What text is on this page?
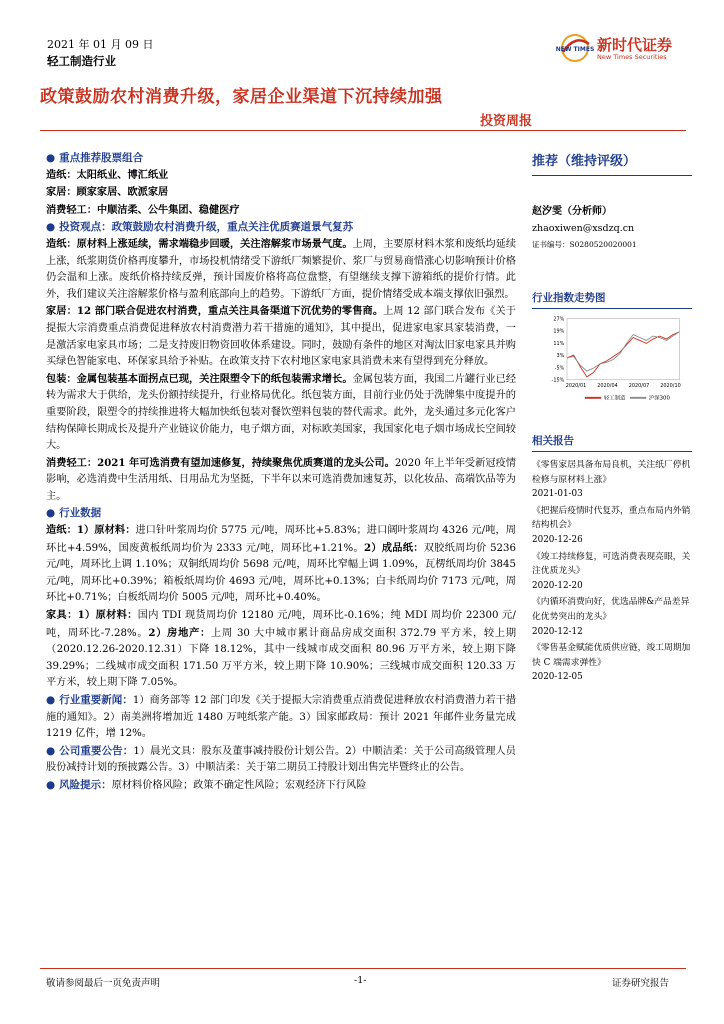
2021 年 01 月 09 日
轻工制造行业
NEW TIMES 新时代证券
New Times Securities
政策鼓励农村消费升级，家居企业渠道下沉持续加强
投资周报

● 重点推荐股票组合

造纸：太阳纸业、博汇纸业

家居：顾家家居、欧派家居

消费轻工：中顺洁柔、公牛集团、稳健医疗

● 投资观点：政策鼓励农村消费升级，重点关注优质赛道景气复苏

造纸：原材料上涨延续，需求端稳步回暖，关注溶解浆市场景气度。上周，主要原材料木浆和废纸均延续上涨，纸浆期货价格再度攀升，市场投机情绪受下游纸厂频繁提价、浆厂与贸易商惜涨心切影响预计价格仍会温和上涨。废纸价格持续反弹，预计国废价格将高位盘整，有望继续支撑下游箱纸的提价行情。此外，我们建议关注溶解浆价格与盈利底部向上的趋势。下游纸厂方面，提价情绪受成本端支撑依旧强烈。

家居：12 部门联合促进农村消费，重点关注具备渠道下沉优势的零售商。上周 12 部门联合发布《关于提振大宗消费重点消费促进释放农村消费潜力若干措施的通知》，其中提出，促进家电家具家装消费，一是激活家电家具市场；二是支持废旧物资回收体系建设。同时，鼓励有条件的地区对淘汰旧家电家具并购买绿色智能家电、环保家具给予补贴。在政策支持下农村地区家电家具消费未来有望得到充分释放。

包装：金属包装基本面拐点已现，关注限塑令下的纸包装需求增长。金属包装方面，我国二片罐行业已经转为需求大于供给，龙头份额持续提升，行业格局优化。纸包装方面，目前行业仍处于洗牌集中度提升的重要阶段，限塑令的持续推进将大幅加快纸包装对餐饮塑料包装的替代需求。此外，龙头通过多元化客户结构保障长期成长及提升产业链议价能力，电子烟方面，对标欧美国家，我国家化电子烟市场成长空间较大。

消费轻工：2021 年可选消费有望加速修复，持续聚焦优质赛道的龙头公司。2020 年上半年受新冠疫情影响，必选消费中生活用纸、日用品尤为坚挺，下半年以来可选消费加速复苏，以化妆品、高端饮品等为主。

● 行业数据

造纸：1）原材料：进口针叶浆周均价 5775 元/吨，周环比+5.83%；进口阔叶浆周均 4326 元/吨，周环比+4.59%，国废黄板纸周均价为 2333 元/吨，周环比+1.21%。2）成品纸：双胶纸周均价 5236 元/吨，周环比上调 1.10%；双铜纸周均价 5698 元/吨，周环比窄幅上调 1.09%，瓦楞纸周均价 3845 元/吨，周环比+0.39%；箱板纸周均价 4693 元/吨，周环比+0.13%；白卡纸周均价 7173 元/吨，周环比+0.71%；白板纸周均价 5005 元/吨，周环比+0.40%。

家具：1）原材料：国内 TDI 现货周均价 12180 元/吨，周环比-0.16%；纯 MDI 周均价 22300 元/吨，周环比-7.28%。2）房地产：上周 30 大中城市累计商品房成交面积 372.79 平方米，较上期（2020.12.26-2020.12.31）下降 18.12%，其中一线城市成交面积 80.96 万平方米，较上期下降 39.29%；二线城市成交面积 171.50 万平方米，较上期下降 10.90%；三线城市成交面积 120.33 万平方米，较上期下降 7.05%。

● 行业重要新闻：1）商务部等 12 部门印发《关于提振大宗消费重点消费促进释放农村消费潜力若干措施的通知》。2）南美洲将增加近 1480 万吨纸浆产能。3）国家邮政局：预计 2021 年邮件业务量完成 1219 亿件，增 12%。

● 公司重要公告：1）晨光文具：股东及董事减持股份计划公告。2）中顺洁柔：关于公司高级管理人员股份减持计划的预披露公告。3）中顺洁柔：关于第二期员工持股计划出售完毕暨终止的公告。

● 风险提示：原材料价格风险；政策不确定性风险；宏观经济下行风险

推荐（维持评级）
赵汐雯（分析师）
zhaoxiwen@xsdzq.cn
证书编号：S0280520020001
行业指数走势图
27%
19%
11%
3%
-5%
-15%
2020/01 2020/04 2020/07 2020/10
轻工制造	沪深300
相关报告
《零售家居具备布局良机，关注纸厂停机检修与原材料上涨》
2021-01-03
《把握后疫情时代复苏，重点布局内外销结构机会》
2020-12-26
《竣工持续修复，可选消费表现亮眼，关注优质龙头》
2020-12-20
《内循环消费向好，优选品牌&产品差异化优势突出的龙头》
2020-12-12
《零售基金赋能优质供应链，竣工周期加快 C 端需求弹性》
2020-12-05
敬请参阅最后一页免责声明	-1-	证券研究报告
